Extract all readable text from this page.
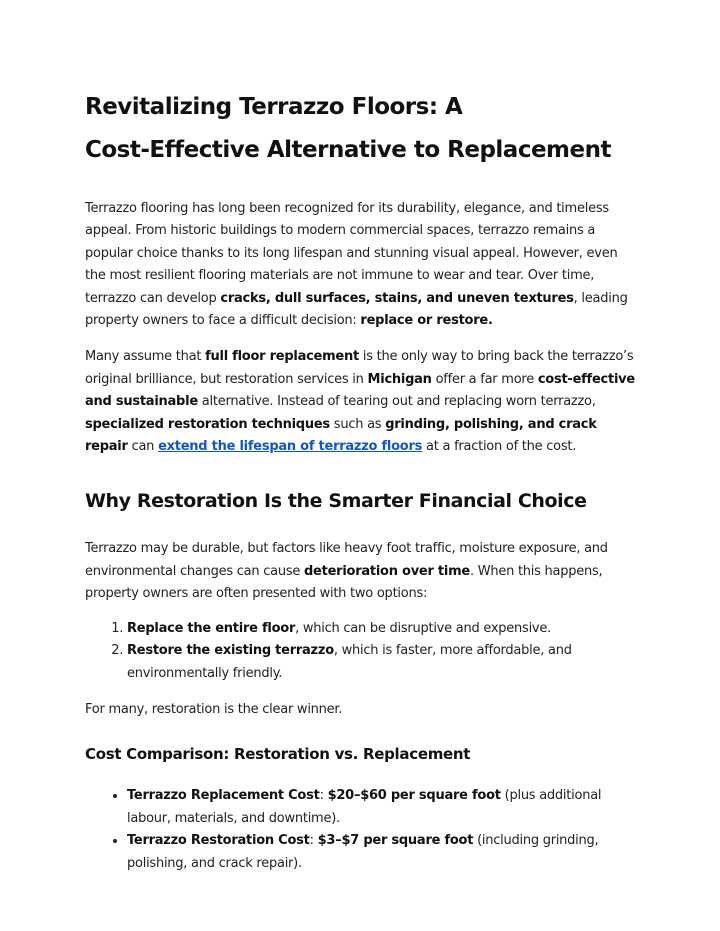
Revitalizing Terrazzo Floors: A
Cost-Effective Alternative to Replacement

Terrazzo flooring has long been recognized for its durability, elegance, and timeless appeal. From historic buildings to modern commercial spaces, terrazzo remains a popular choice thanks to its long lifespan and stunning visual appeal. However, even the most resilient flooring materials are not immune to wear and tear. Over time, terrazzo can develop cracks, dull surfaces, stains, and uneven textures, leading property owners to face a difficult decision: replace or restore.

Many assume that full floor replacement is the only way to bring back the terrazzo’s original brilliance, but restoration services in Michigan offer a far more cost-effective and sustainable alternative. Instead of tearing out and replacing worn terrazzo, specialized restoration techniques such as grinding, polishing, and crack repair can extend the lifespan of terrazzo floors at a fraction of the cost.

Why Restoration Is the Smarter Financial Choice

Terrazzo may be durable, but factors like heavy foot traffic, moisture exposure, and environmental changes can cause deterioration over time. When this happens, property owners are often presented with two options:

1. Replace the entire floor, which can be disruptive and expensive.
2. Restore the existing terrazzo, which is faster, more affordable, and environmentally friendly.

For many, restoration is the clear winner.

Cost Comparison: Restoration vs. Replacement
• Terrazzo Replacement Cost: $20–$60 per square foot (plus additional labour, materials, and downtime).
• Terrazzo Restoration Cost: $3–$7 per square foot (including grinding, polishing, and crack repair).
